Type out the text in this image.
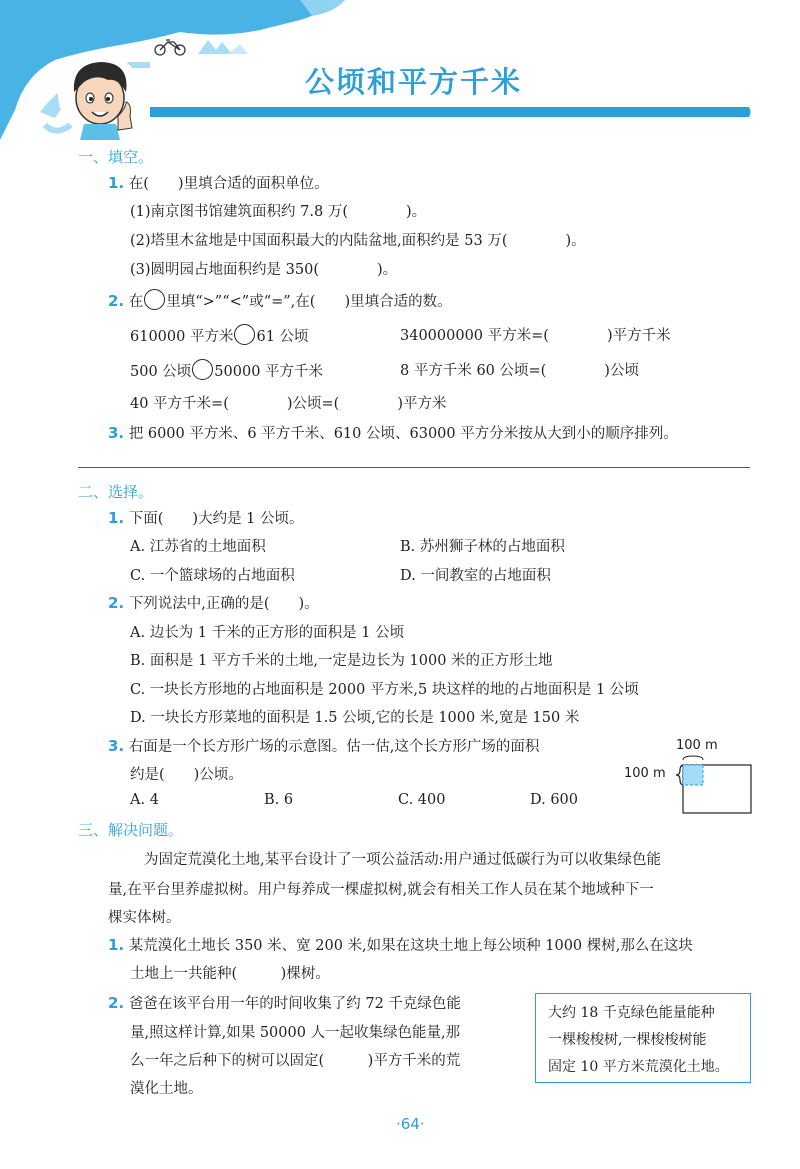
公顷和平方千米
一、填空。
1. 在(　　)里填合适的面积单位。
(1)南京图书馆建筑面积约 7.8 万(　　　　)。
(2)塔里木盆地是中国面积最大的内陆盆地,面积约是 53 万(　　　　)。
(3)圆明园占地面积约是 350(　　　　)。
2. 在 里填“>”“<”或“=”,在(　　)里填合适的数。
610000 平方米 61 公顷	340000000 平方米=(　　　　)平方千米
500 公顷 50000 平方千米	8 平方千米 60 公顷=(　　　　)公顷
40 平方千米=(　　　　)公顷=(　　　　)平方米
3. 把 6000 平方米、6 平方千米、610 公顷、63000 平方分米按从大到小的顺序排列。
二、选择。
1. 下面(　　)大约是 1 公顷。
A. 江苏省的土地面积	B. 苏州狮子林的占地面积
C. 一个篮球场的占地面积	D. 一间教室的占地面积
2. 下列说法中,正确的是(　　)。
A. 边长为 1 千米的正方形的面积是 1 公顷
B. 面积是 1 平方千米的土地,一定是边长为 1000 米的正方形土地
C. 一块长方形地的占地面积是 2000 平方米,5 块这样的地的占地面积是 1 公顷
D. 一块长方形菜地的面积是 1.5 公顷,它的长是 1000 米,宽是 150 米
3. 右面是一个长方形广场的示意图。估一估,这个长方形广场的面积
约是(　　)公顷。
A. 4	B. 6	C. 400	D. 600
100 m
100 m
三、解决问题。
为固定荒漠化土地,某平台设计了一项公益活动:用户通过低碳行为可以收集绿色能
量,在平台里养虚拟树。用户每养成一棵虚拟树,就会有相关工作人员在某个地域种下一
棵实体树。
1. 某荒漠化土地长 350 米、宽 200 米,如果在这块土地上每公顷种 1000 棵树,那么在这块
土地上一共能种(　　　)棵树。
2. 爸爸在该平台用一年的时间收集了约 72 千克绿色能
量,照这样计算,如果 50000 人一起收集绿色能量,那
么一年之后种下的树可以固定(　　　)平方千米的荒
漠化土地。
大约 18 千克绿色能量能种
一棵梭梭树,一棵梭梭树能
固定 10 平方米荒漠化土地。
·64·
